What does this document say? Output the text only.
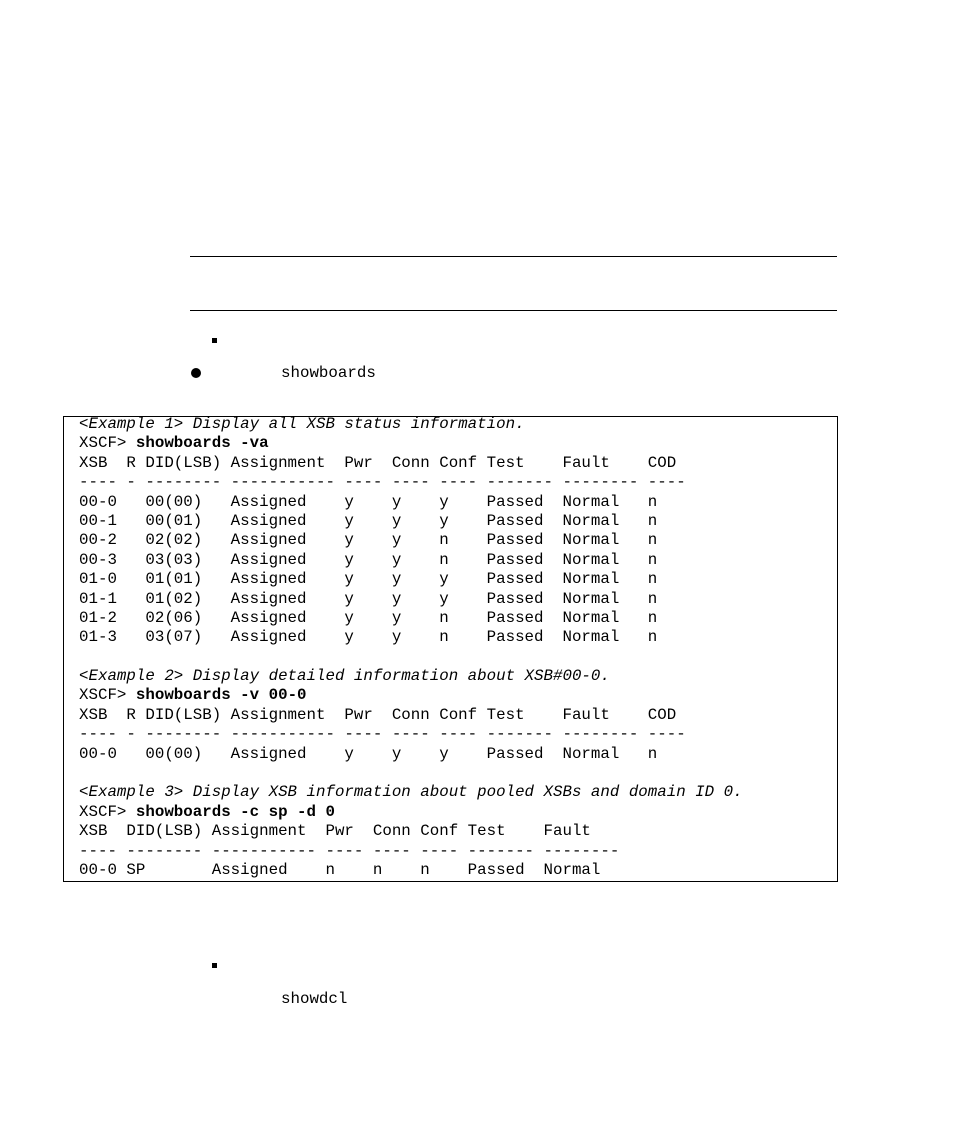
showboards
<Example 1> Display all XSB status information.
XSCF> showboards -va
XSB  R DID(LSB) Assignment  Pwr  Conn Conf Test    Fault    COD
---- - -------- ----------- ---- ---- ---- ------- -------- ----
00-0   00(00)   Assigned    y    y    y    Passed  Normal   n
00-1   00(01)   Assigned    y    y    y    Passed  Normal   n
00-2   02(02)   Assigned    y    y    n    Passed  Normal   n
00-3   03(03)   Assigned    y    y    n    Passed  Normal   n
01-0   01(01)   Assigned    y    y    y    Passed  Normal   n
01-1   01(02)   Assigned    y    y    y    Passed  Normal   n
01-2   02(06)   Assigned    y    y    n    Passed  Normal   n
01-3   03(07)   Assigned    y    y    n    Passed  Normal   n
<Example 2> Display detailed information about XSB#00-0.
XSCF> showboards -v 00-0
XSB  R DID(LSB) Assignment  Pwr  Conn Conf Test    Fault    COD
---- - -------- ----------- ---- ---- ---- ------- -------- ----
00-0   00(00)   Assigned    y    y    y    Passed  Normal   n
<Example 3> Display XSB information about pooled XSBs and domain ID 0.
XSCF> showboards -c sp -d 0
XSB  DID(LSB) Assignment  Pwr  Conn Conf Test    Fault
---- -------- ----------- ---- ---- ---- ------- --------
00-0 SP       Assigned    n    n    n    Passed  Normal
showdcl
